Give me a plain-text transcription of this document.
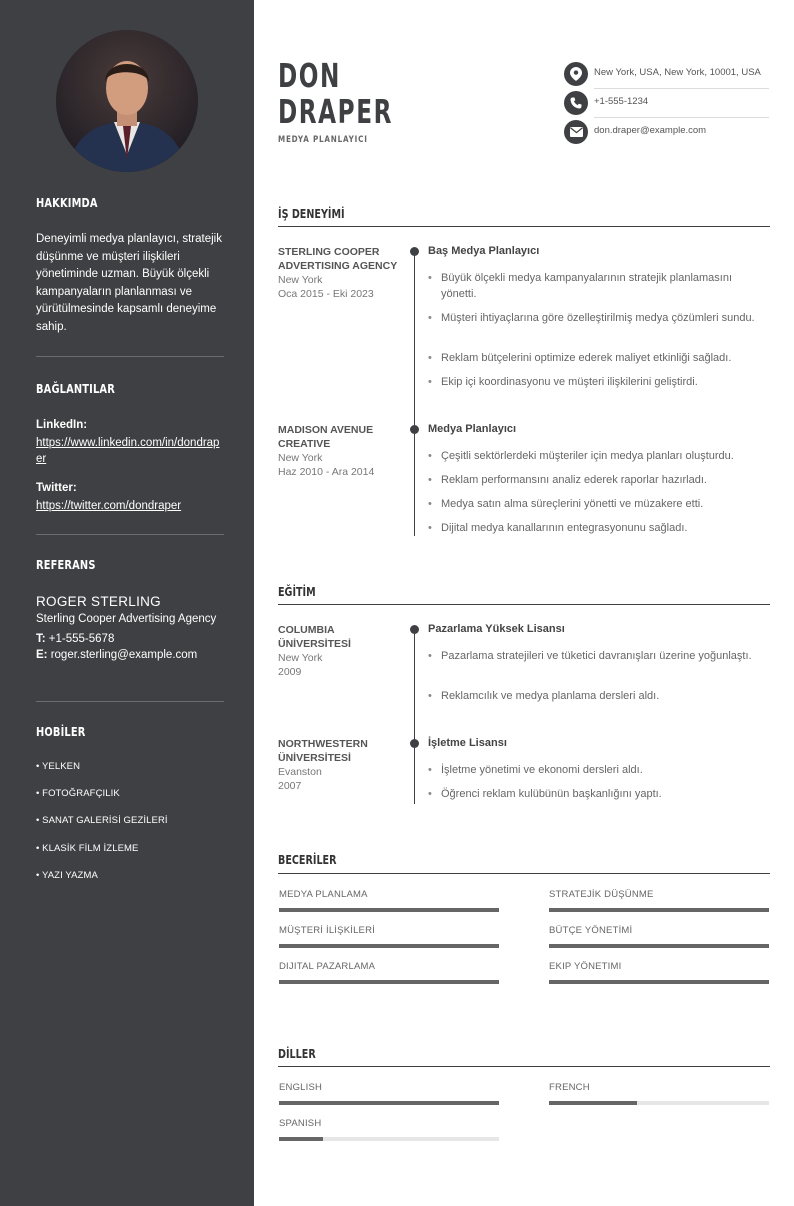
HAKKIMDA
Deneyimli medya planlayıcı, stratejik düşünme ve müşteri ilişkileri yönetiminde uzman. Büyük ölçekli kampanyaların planlanması ve yürütülmesinde kapsamlı deneyime sahip.
BAĞLANTILAR
LinkedIn:
https://www.linkedin.com/in/dondraper
Twitter:
https://twitter.com/dondraper
REFERANS
ROGER STERLING
Sterling Cooper Advertising Agency
T: +1-555-5678
E: roger.sterling@example.com
HOBİLER
• YELKEN
• FOTOĞRAFÇILIK
• SANAT GALERİSİ GEZİLERİ
• KLASİK FİLM İZLEME
• YAZI YAZMA
DON
DRAPER
MEDYA PLANLAYICI
New York, USA, New York, 10001, USA
+1-555-1234
don.draper@example.com
İŞ DENEYİMİ
STERLING COOPER ADVERTISING AGENCY
New York
Oca 2015 - Eki 2023
Baş Medya Planlayıcı
• Büyük ölçekli medya kampanyalarının stratejik planlamasını yönetti.
• Müşteri ihtiyaçlarına göre özelleştirilmiş medya çözümleri sundu.
• Reklam bütçelerini optimize ederek maliyet etkinliği sağladı.
• Ekip içi koordinasyonu ve müşteri ilişkilerini geliştirdi.
MADISON AVENUE CREATIVE
New York
Haz 2010 - Ara 2014
Medya Planlayıcı
• Çeşitli sektörlerdeki müşteriler için medya planları oluşturdu.
• Reklam performansını analiz ederek raporlar hazırladı.
• Medya satın alma süreçlerini yönetti ve müzakere etti.
• Dijital medya kanallarının entegrasyonunu sağladı.
EĞİTİM
COLUMBIA ÜNİVERSİTESİ
New York
2009
Pazarlama Yüksek Lisansı
• Pazarlama stratejileri ve tüketici davranışları üzerine yoğunlaştı.
• Reklamcılık ve medya planlama dersleri aldı.
NORTHWESTERN ÜNİVERSİTESİ
Evanston
2007
İşletme Lisansı
• İşletme yönetimi ve ekonomi dersleri aldı.
• Öğrenci reklam kulübünün başkanlığını yaptı.
BECERİLER
MEDYA PLANLAMA	STRATEJİK DÜŞÜNME
MÜŞTERİ İLİŞKİLERİ	BÜTÇE YÖNETİMİ
DIJITAL PAZARLAMA	EKIP YÖNETIMI
DİLLER
ENGLISH	FRENCH
SPANISH
